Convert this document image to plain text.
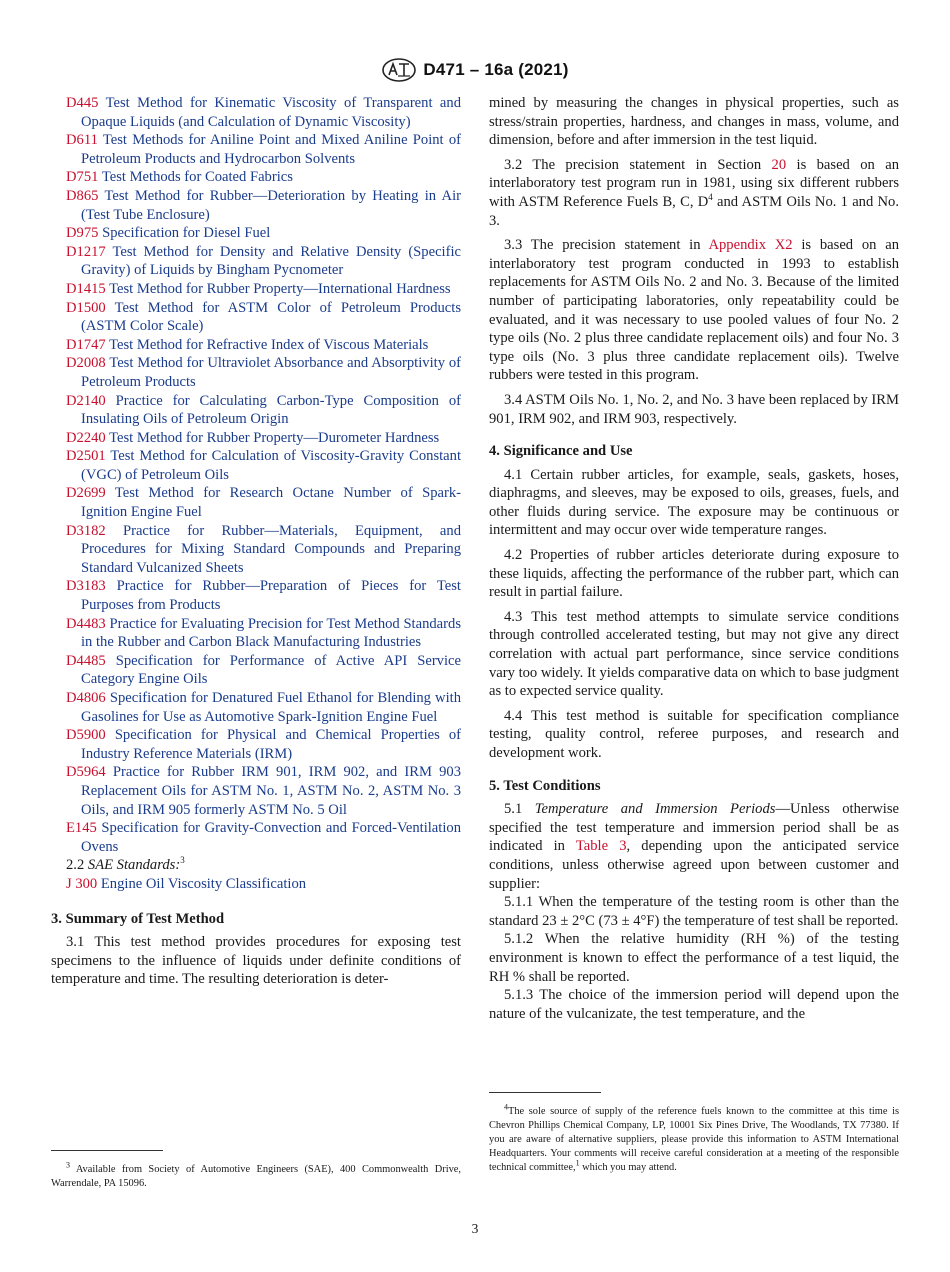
D471 – 16a (2021)

D445 Test Method for Kinematic Viscosity of Transparent and Opaque Liquids (and Calculation of Dynamic Viscosity)

D611 Test Methods for Aniline Point and Mixed Aniline Point of Petroleum Products and Hydrocarbon Solvents

D751 Test Methods for Coated Fabrics

D865 Test Method for Rubber—Deterioration by Heating in Air (Test Tube Enclosure)

D975 Specification for Diesel Fuel

D1217 Test Method for Density and Relative Density (Specific Gravity) of Liquids by Bingham Pycnometer

D1415 Test Method for Rubber Property—International Hardness

D1500 Test Method for ASTM Color of Petroleum Products (ASTM Color Scale)

D1747 Test Method for Refractive Index of Viscous Materials

D2008 Test Method for Ultraviolet Absorbance and Absorptivity of Petroleum Products

D2140 Practice for Calculating Carbon-Type Composition of Insulating Oils of Petroleum Origin

D2240 Test Method for Rubber Property—Durometer Hardness

D2501 Test Method for Calculation of Viscosity-Gravity Constant (VGC) of Petroleum Oils

D2699 Test Method for Research Octane Number of Spark-Ignition Engine Fuel

D3182 Practice for Rubber—Materials, Equipment, and Procedures for Mixing Standard Compounds and Preparing Standard Vulcanized Sheets

D3183 Practice for Rubber—Preparation of Pieces for Test Purposes from Products

D4483 Practice for Evaluating Precision for Test Method Standards in the Rubber and Carbon Black Manufacturing Industries

D4485 Specification for Performance of Active API Service Category Engine Oils

D4806 Specification for Denatured Fuel Ethanol for Blending with Gasolines for Use as Automotive Spark-Ignition Engine Fuel

D5900 Specification for Physical and Chemical Properties of Industry Reference Materials (IRM)

D5964 Practice for Rubber IRM 901, IRM 902, and IRM 903 Replacement Oils for ASTM No. 1, ASTM No. 2, ASTM No. 3 Oils, and IRM 905 formerly ASTM No. 5 Oil

E145 Specification for Gravity-Convection and Forced-Ventilation Ovens

2.2 SAE Standards:$^3$

J 300 Engine Oil Viscosity Classification

3. Summary of Test Method

3.1 This test method provides procedures for exposing test specimens to the influence of liquids under definite conditions of temperature and time. The resulting deterioration is deter-

$^3$ Available from Society of Automotive Engineers (SAE), 400 Commonwealth Drive, Warrendale, PA 15096.

mined by measuring the changes in physical properties, such as stress/strain properties, hardness, and changes in mass, volume, and dimension, before and after immersion in the test liquid.

3.2 The precision statement in Section 20 is based on an interlaboratory test program run in 1981, using six different rubbers with ASTM Reference Fuels B, C, $D^4$ and ASTM Oils No. 1 and No. 3.

3.3 The precision statement in Appendix X2 is based on an interlaboratory test program conducted in 1993 to establish replacements for ASTM Oils No. 2 and No. 3. Because of the limited number of participating laboratories, only repeatability could be evaluated, and it was necessary to use pooled values of four No. 2 type oils (No. 2 plus three candidate replacement oils) and four No. 3 type oils (No. 3 plus three candidate replacement oils). Twelve rubbers were tested in this program.

3.4 ASTM Oils No. 1, No. 2, and No. 3 have been replaced by IRM 901, IRM 902, and IRM 903, respectively.

4. Significance and Use

4.1 Certain rubber articles, for example, seals, gaskets, hoses, diaphragms, and sleeves, may be exposed to oils, greases, fuels, and other fluids during service. The exposure may be continuous or intermittent and may occur over wide temperature ranges.

4.2 Properties of rubber articles deteriorate during exposure to these liquids, affecting the performance of the rubber part, which can result in partial failure.

4.3 This test method attempts to simulate service conditions through controlled accelerated testing, but may not give any direct correlation with actual part performance, since service conditions vary too widely. It yields comparative data on which to base judgment as to expected service quality.

4.4 This test method is suitable for specification compliance testing, quality control, referee purposes, and research and development work.

5. Test Conditions

5.1 Temperature and Immersion Periods—Unless otherwise specified the test temperature and immersion period shall be as indicated in Table 3, depending upon the anticipated service conditions, unless otherwise agreed upon between customer and supplier:

5.1.1 When the temperature of the testing room is other than the standard 23 ± 2°C (73 ± 4°F) the temperature of test shall be reported.

5.1.2 When the relative humidity (RH %) of the testing environment is known to effect the performance of a test liquid, the RH % shall be reported.

5.1.3 The choice of the immersion period will depend upon the nature of the vulcanizate, the test temperature, and the

$^4$The sole source of supply of the reference fuels known to the committee at this time is Chevron Phillips Chemical Company, LP, 10001 Six Pines Drive, The Woodlands, TX 77380. If you are aware of alternative suppliers, please provide this information to ASTM International Headquarters. Your comments will receive careful consideration at a meeting of the responsible technical committee,$^1$ which you may attend.
3
